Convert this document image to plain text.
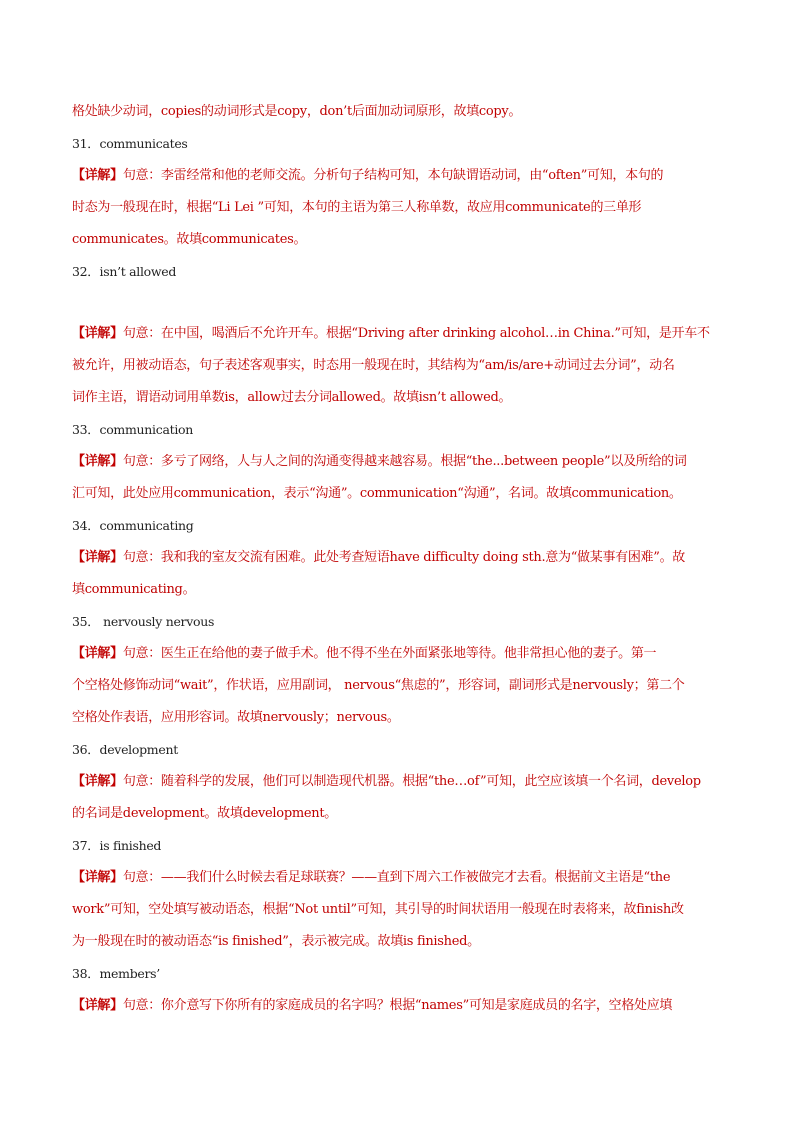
格处缺少动词，copies的动词形式是copy，don’t后面加动词原形，故填copy。
31．communicates
【详解】句意：李雷经常和他的老师交流。分析句子结构可知，本句缺谓语动词，由“often”可知，本句的
时态为一般现在时，根据“Li Lei ”可知，本句的主语为第三人称单数，故应用communicate的三单形
communicates。故填communicates。
32．isn’t allowed
【详解】句意：在中国，喝酒后不允许开车。根据“Driving after drinking alcohol…in China.”可知，是开车不
被允许，用被动语态，句子表述客观事实，时态用一般现在时，其结构为“am/is/are+动词过去分词”，动名
词作主语，谓语动词用单数is，allow过去分词allowed。故填isn’t allowed。
33．communication
【详解】句意：多亏了网络，人与人之间的沟通变得越来越容易。根据“the...between people”以及所给的词
汇可知，此处应用communication，表示“沟通”。communication“沟通”，名词。故填communication。
34．communicating
【详解】句意：我和我的室友交流有困难。此处考查短语have difficulty doing sth.意为“做某事有困难”。故
填communicating。
35． nervously nervous
【详解】句意：医生正在给他的妻子做手术。他不得不坐在外面紧张地等待。他非常担心他的妻子。第一
个空格处修饰动词“wait”，作状语，应用副词， nervous“焦虑的”，形容词，副词形式是nervously；第二个
空格处作表语，应用形容词。故填nervously；nervous。
36．development
【详解】句意：随着科学的发展，他们可以制造现代机器。根据“the…of”可知，此空应该填一个名词，develop
的名词是development。故填development。
37．is finished
【详解】句意：——我们什么时候去看足球联赛？——直到下周六工作被做完才去看。根据前文主语是“the
work”可知，空处填写被动语态，根据“Not until”可知，其引导的时间状语用一般现在时表将来，故finish改
为一般现在时的被动语态“is finished”，表示被完成。故填is finished。
38．members’
【详解】句意：你介意写下你所有的家庭成员的名字吗？根据“names”可知是家庭成员的名字，空格处应填
